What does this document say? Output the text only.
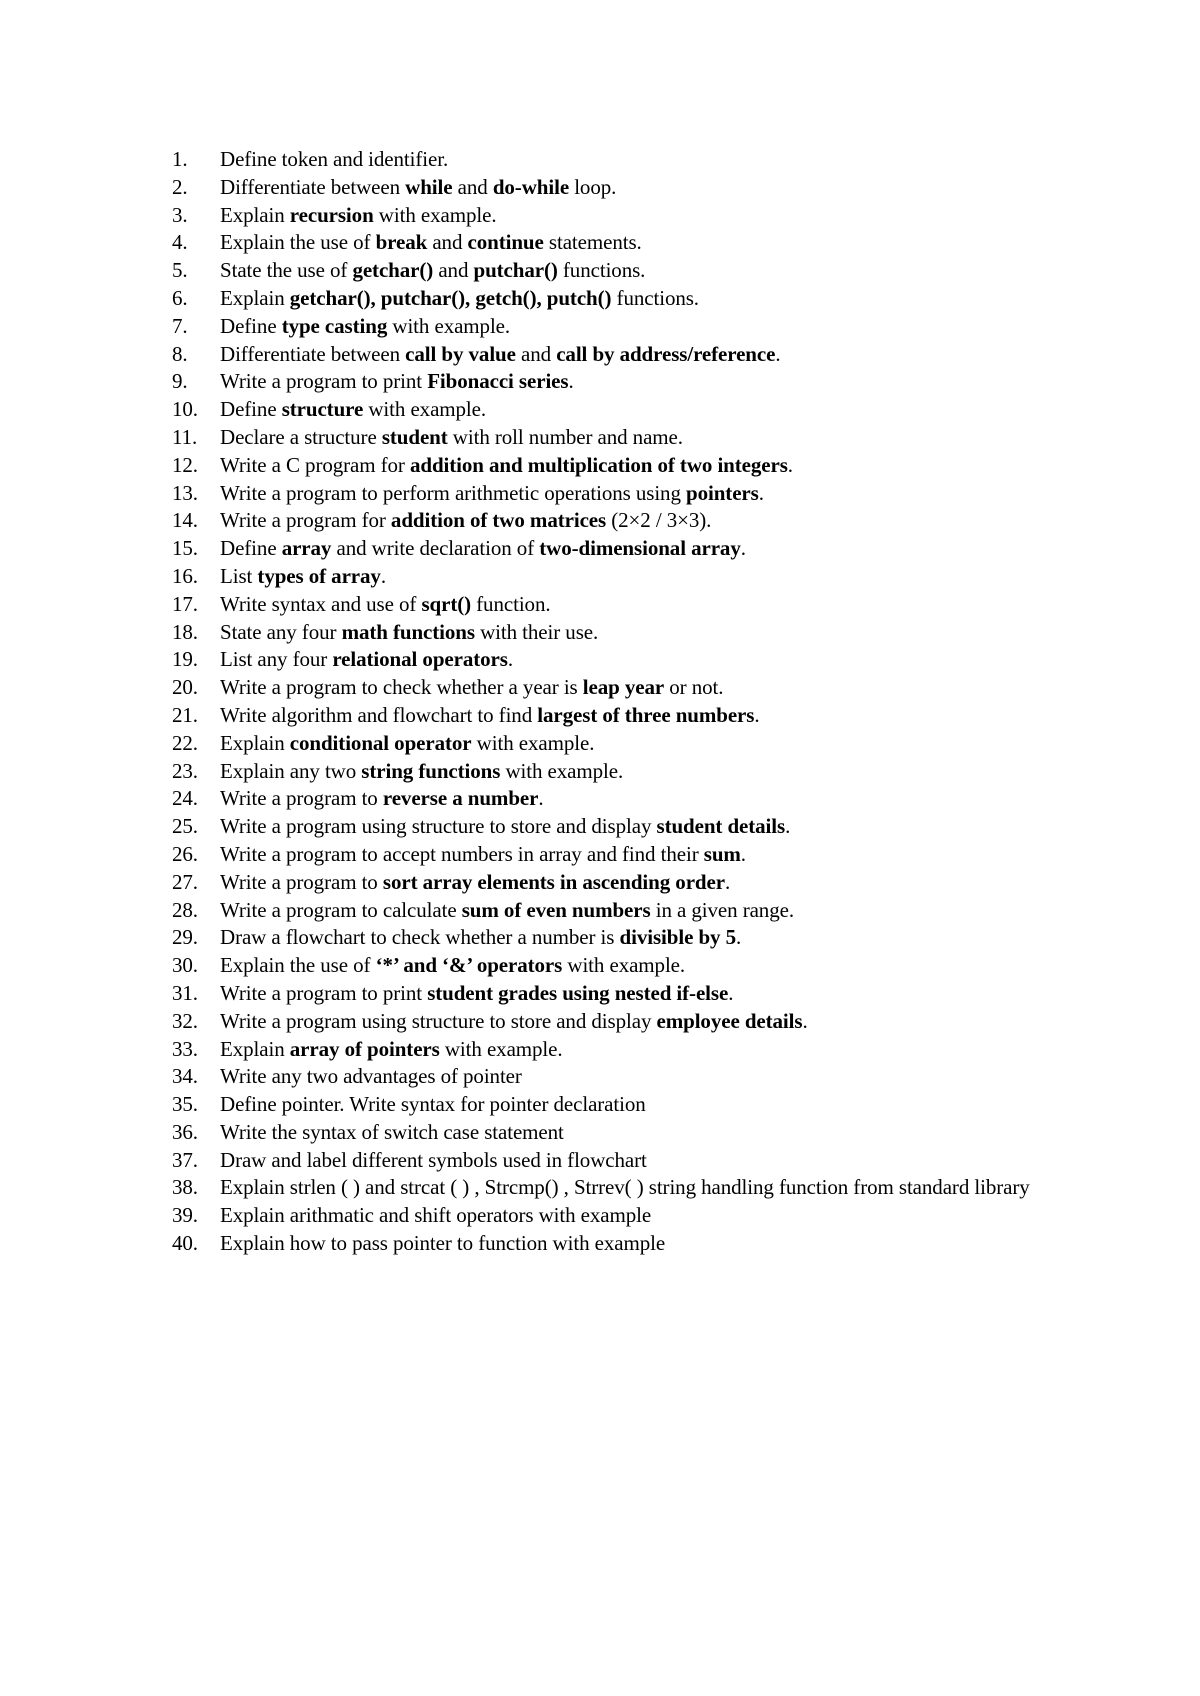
1.	Define token and identifier.
2.	Differentiate between while and do-while loop.
3.	Explain recursion with example.
4.	Explain the use of break and continue statements.
5.	State the use of getchar() and putchar() functions.
6.	Explain getchar(), putchar(), getch(), putch() functions.
7.	Define type casting with example.
8.	Differentiate between call by value and call by address/reference.
9.	Write a program to print Fibonacci series.
10.	Define structure with example.
11.	Declare a structure student with roll number and name.
12.	Write a C program for addition and multiplication of two integers.
13.	Write a program to perform arithmetic operations using pointers.
14.	Write a program for addition of two matrices (2×2 / 3×3).
15.	Define array and write declaration of two-dimensional array.
16.	List types of array.
17.	Write syntax and use of sqrt() function.
18.	State any four math functions with their use.
19.	List any four relational operators.
20.	Write a program to check whether a year is leap year or not.
21.	Write algorithm and flowchart to find largest of three numbers.
22.	Explain conditional operator with example.
23.	Explain any two string functions with example.
24.	Write a program to reverse a number.
25.	Write a program using structure to store and display student details.
26.	Write a program to accept numbers in array and find their sum.
27.	Write a program to sort array elements in ascending order.
28.	Write a program to calculate sum of even numbers in a given range.
29.	Draw a flowchart to check whether a number is divisible by 5.
30.	Explain the use of ‘*’ and ‘&’ operators with example.
31.	Write a program to print student grades using nested if-else.
32.	Write a program using structure to store and display employee details.
33.	Explain array of pointers with example.
34.	Write any two advantages of pointer
35.	Define pointer. Write syntax for pointer declaration
36.	Write the syntax of switch case statement
37.	Draw and label different symbols used in flowchart
38.	Explain strlen ( ) and strcat ( ) , Strcmp() , Strrev( ) string handling function from standard library
39.	Explain arithmatic and shift operators with example
40.	Explain how to pass pointer to function with example
